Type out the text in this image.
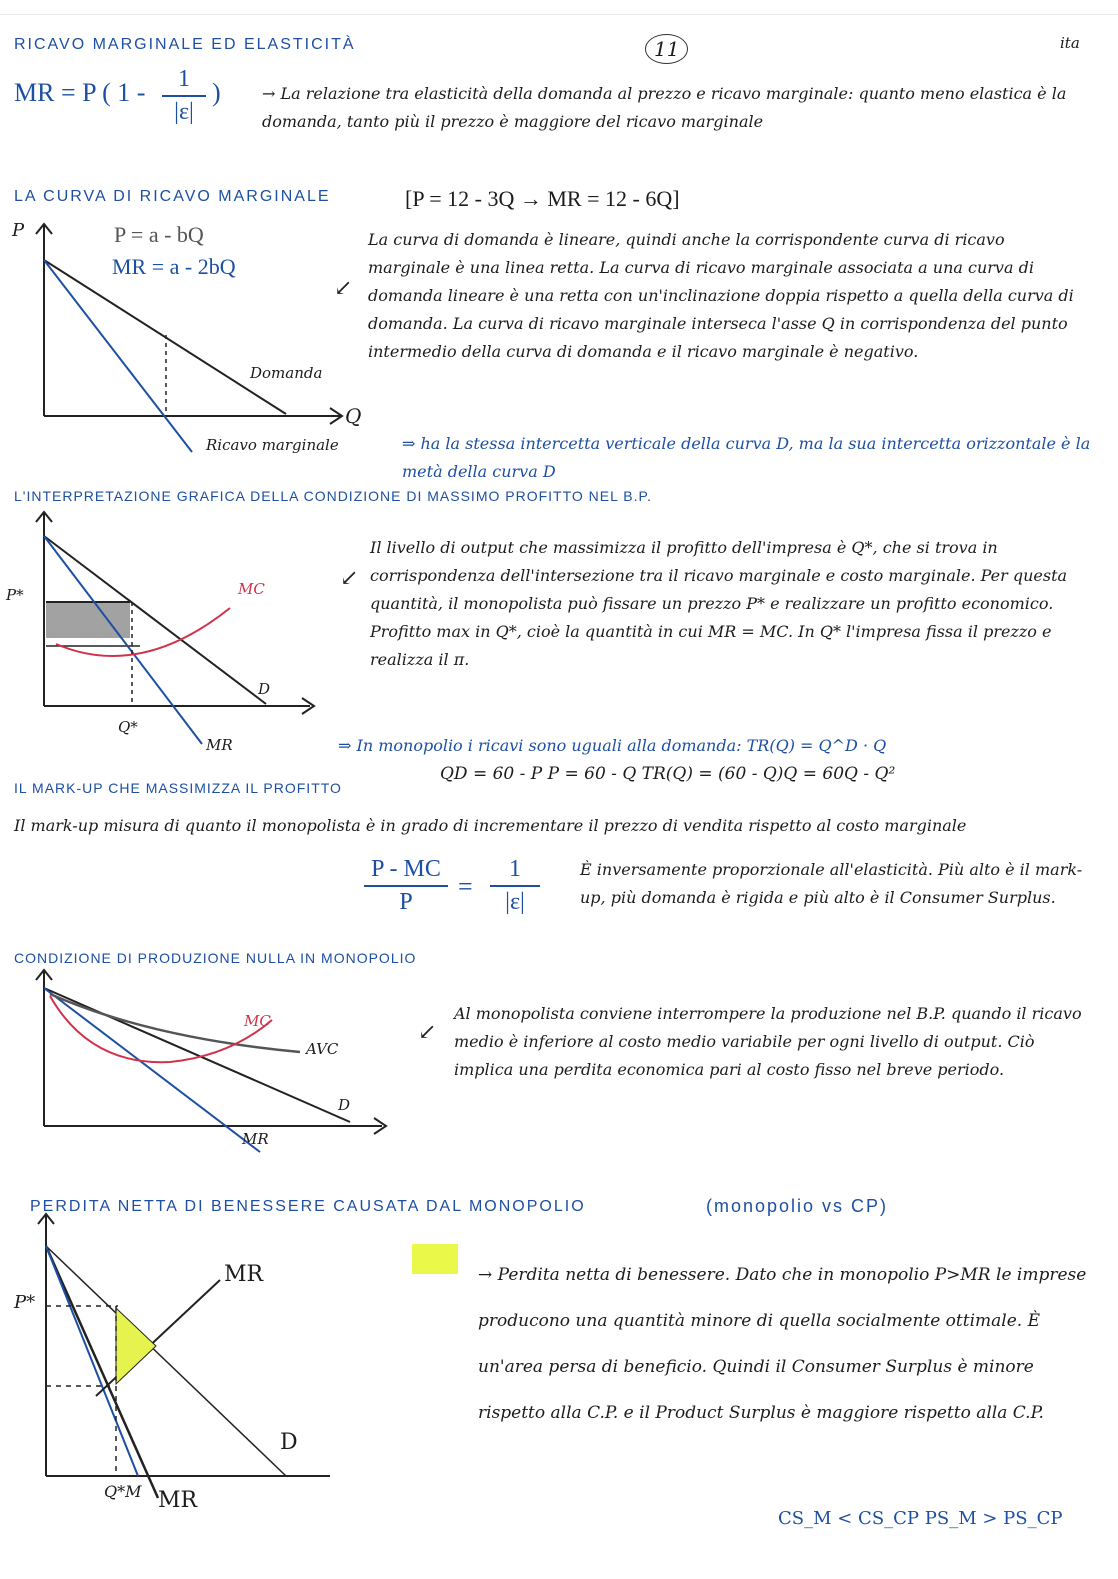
RICAVO MARGINALE ED ELASTICITÀ	11	ita
MR = P ( 1 -	1
|ε|
)	→ La relazione tra elasticità della domanda al prezzo e ricavo marginale: quanto meno elastica è la domanda, tanto più il prezzo è maggiore del ricavo marginale
LA CURVA DI RICAVO MARGINALE	[P = 12 - 3Q → MR = 12 - 6Q]
P
Q
P = a - bQ
MR = a - 2bQ
Domanda
Ricavo marginale
↙
La curva di domanda è lineare, quindi anche la corrispondente curva di ricavo marginale è una linea retta. La curva di ricavo marginale associata a una curva di domanda lineare è una retta con un'inclinazione doppia rispetto a quella della curva di domanda. La curva di ricavo marginale interseca l'asse Q in corrispondenza del punto intermedio della curva di domanda e il ricavo marginale è negativo.
⇒ ha la stessa intercetta verticale della curva D, ma la sua intercetta orizzontale è la metà della curva D
L'INTERPRETAZIONE GRAFICA DELLA CONDIZIONE DI MASSIMO PROFITTO NEL B.P.
P*	MC
D
Q*
MR
↙
Il livello di output che massimizza il profitto dell'impresa è Q*, che si trova in corrispondenza dell'intersezione tra il ricavo marginale e costo marginale. Per questa quantità, il monopolista può fissare un prezzo P* e realizzare un profitto economico. Profitto max in Q*, cioè la quantità in cui MR = MC. In Q* l'impresa fissa il prezzo e realizza il π.
⇒ In monopolio i ricavi sono uguali alla domanda: TR(Q) = Q^D · Q
QD = 60 - P P = 60 - Q TR(Q) = (60 - Q)Q = 60Q - Q²
IL MARK-UP CHE MASSIMIZZA IL PROFITTO
Il mark-up misura di quanto il monopolista è in grado di incrementare il prezzo di vendita rispetto al costo marginale
P - MC
P
=
1
|ε|
È inversamente proporzionale all'elasticità. Più alto è il mark-up, più domanda è rigida e più alto è il Consumer Surplus.
CONDIZIONE DI PRODUZIONE NULLA IN MONOPOLIO
MC
AVC
D
MR
↙
Al monopolista conviene interrompere la produzione nel B.P. quando il ricavo medio è inferiore al costo medio variabile per ogni livello di output. Ciò implica una perdita economica pari al costo fisso nel breve periodo.
PERDITA NETTA DI BENESSERE CAUSATA DAL MONOPOLIO	(monopolio vs CP)
P*
MR
D
Q*M MR
→ Perdita netta di benessere. Dato che in monopolio P>MR le imprese producono una quantità minore di quella socialmente ottimale. È un'area persa di beneficio. Quindi il Consumer Surplus è minore rispetto alla C.P. e il Product Surplus è maggiore rispetto alla C.P.
CS_M < CS_CP PS_M > PS_CP
